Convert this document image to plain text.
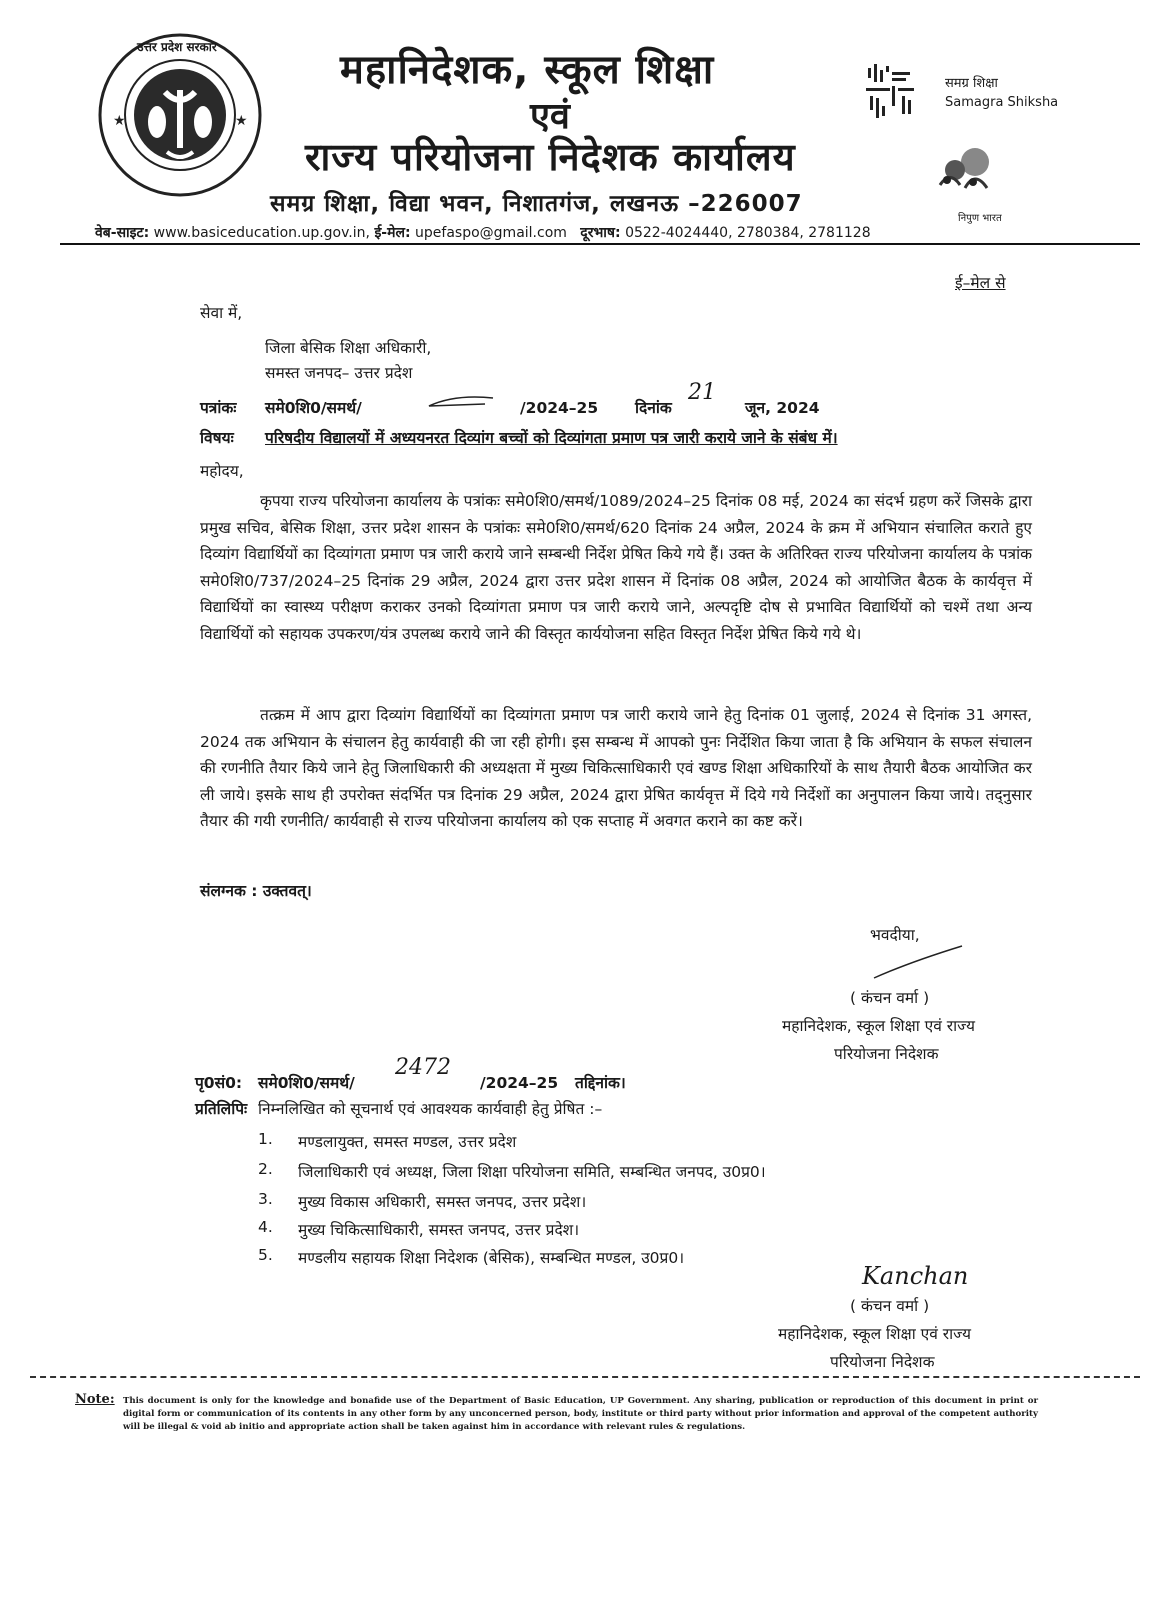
★	★
उत्तर प्रदेश सरकार	महानिदेशक, स्कूल शिक्षा
एवं
राज्य परियोजना निदेशक कार्यालय
समग्र शिक्षा, विद्या भवन, निशातगंज, लखनऊ –226007
समग्र शिक्षा
Samagra Shiksha
निपुण भारत
वेब-साइट: www.basiceducation.up.gov.in, ई-मेल: upefaspo@gmail.com दूरभाष: 0522-4024440, 2780384, 2781128
ई–मेल से
सेवा में,
जिला बेसिक शिक्षा अधिकारी,
समस्त जनपद– उत्तर प्रदेश
पत्रांकः समे0शि0/समर्थ/	/2024–25 दिनांक
21
जून, 2024
विषयः परिषदीय विद्यालयों में अध्ययनरत दिव्यांग बच्चों को दिव्यांगता प्रमाण पत्र जारी कराये जाने के संबंध में।
महोदय,
कृपया राज्य परियोजना कार्यालय के पत्रांकः समे0शि0/समर्थ/1089/2024–25 दिनांक 08 मई, 2024 का संदर्भ ग्रहण करें जिसके द्वारा प्रमुख सचिव, बेसिक शिक्षा, उत्तर प्रदेश शासन के पत्रांकः समे0शि0/समर्थ/620 दिनांक 24 अप्रैल, 2024 के क्रम में अभियान संचालित कराते हुए दिव्यांग विद्यार्थियों का दिव्यांगता प्रमाण पत्र जारी कराये जाने सम्बन्धी निर्देश प्रेषित किये गये हैं। उक्त के अतिरिक्त राज्य परियोजना कार्यालय के पत्रांक समे0शि0/737/2024–25 दिनांक 29 अप्रैल, 2024 द्वारा उत्तर प्रदेश शासन में दिनांक 08 अप्रैल, 2024 को आयोजित बैठक के कार्यवृत्त में विद्यार्थियों का स्वास्थ्य परीक्षण कराकर उनको दिव्यांगता प्रमाण पत्र जारी कराये जाने, अल्पदृष्टि दोष से प्रभावित विद्यार्थियों को चश्में तथा अन्य विद्यार्थियों को सहायक उपकरण/यंत्र उपलब्ध कराये जाने की विस्तृत कार्ययोजना सहित विस्तृत निर्देश प्रेषित किये गये थे।
तत्क्रम में आप द्वारा दिव्यांग विद्यार्थियों का दिव्यांगता प्रमाण पत्र जारी कराये जाने हेतु दिनांक 01 जुलाई, 2024 से दिनांक 31 अगस्त, 2024 तक अभियान के संचालन हेतु कार्यवाही की जा रही होगी। इस सम्बन्ध में आपको पुनः निर्देशित किया जाता है कि अभियान के सफल संचालन की रणनीति तैयार किये जाने हेतु जिलाधिकारी की अध्यक्षता में मुख्य चिकित्साधिकारी एवं खण्ड शिक्षा अधिकारियों के साथ तैयारी बैठक आयोजित कर ली जाये। इसके साथ ही उपरोक्त संदर्भित पत्र दिनांक 29 अप्रैल, 2024 द्वारा प्रेषित कार्यवृत्त में दिये गये निर्देशों का अनुपालन किया जाये। तद्नुसार तैयार की गयी रणनीति/ कार्यवाही से राज्य परियोजना कार्यालय को एक सप्ताह में अवगत कराने का कष्ट करें।
संलग्नक : उक्तवत्।
भवदीया,
( कंचन वर्मा )
महानिदेशक, स्कूल शिक्षा एवं राज्य
परियोजना निदेशक
पृ0सं0: समे0शि0/समर्थ/
2472
/2024–25 तद्दिनांक।
प्रतिलिपिः निम्नलिखित को सूचनार्थ एवं आवश्यक कार्यवाही हेतु प्रेषित :–
1. मण्डलायुक्त, समस्त मण्डल, उत्तर प्रदेश
2. जिलाधिकारी एवं अध्यक्ष, जिला शिक्षा परियोजना समिति, सम्बन्धित जनपद, उ0प्र0।
3. मुख्य विकास अधिकारी, समस्त जनपद, उत्तर प्रदेश।
4. मुख्य चिकित्साधिकारी, समस्त जनपद, उत्तर प्रदेश।
5. मण्डलीय सहायक शिक्षा निदेशक (बेसिक), सम्बन्धित मण्डल, उ0प्र0।
Kanchan
( कंचन वर्मा )
महानिदेशक, स्कूल शिक्षा एवं राज्य
परियोजना निदेशक
Note: This document is only for the knowledge and bonafide use of the Department of Basic Education, UP Government. Any sharing, publication or reproduction of this document in print or digital form or communication of its contents in any other form by any unconcerned person, body, institute or third party without prior information and approval of the competent authority will be illegal & void ab initio and appropriate action shall be taken against him in accordance with relevant rules & regulations.
